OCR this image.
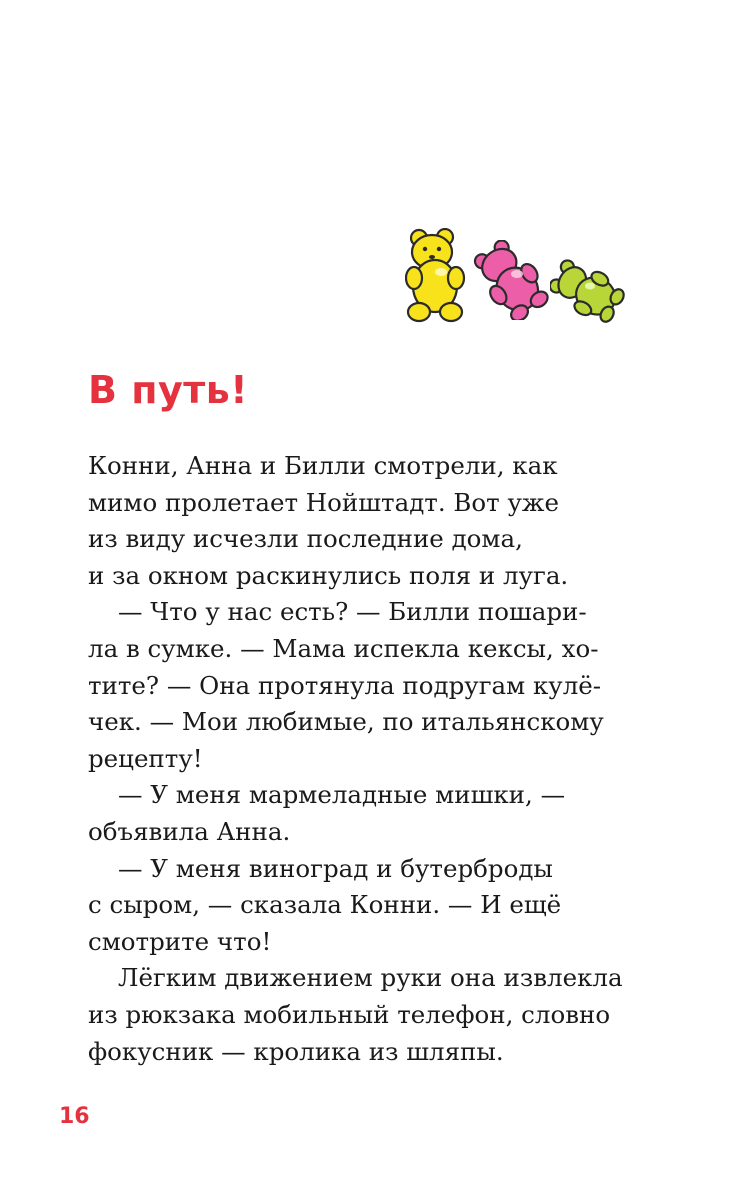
В путь!
Конни, Анна и Билли смотрели, как
мимо пролетает Нойштадт. Вот уже
из виду исчезли последние дома,
и за окном раскинулись поля и луга.
— Что у нас есть? — Билли пошари-
ла в сумке. — Мама испекла кексы, хо-
тите? — Она протянула подругам кулё-
чек. — Мои любимые, по итальянскому
рецепту!
— У меня мармеладные мишки, —
объявила Анна.
— У меня виноград и бутерброды
с сыром, — сказала Конни. — И ещё
смотрите что!
Лёгким движением руки она извлекла
из рюкзака мобильный телефон, словно
фокусник — кролика из шляпы.
16
